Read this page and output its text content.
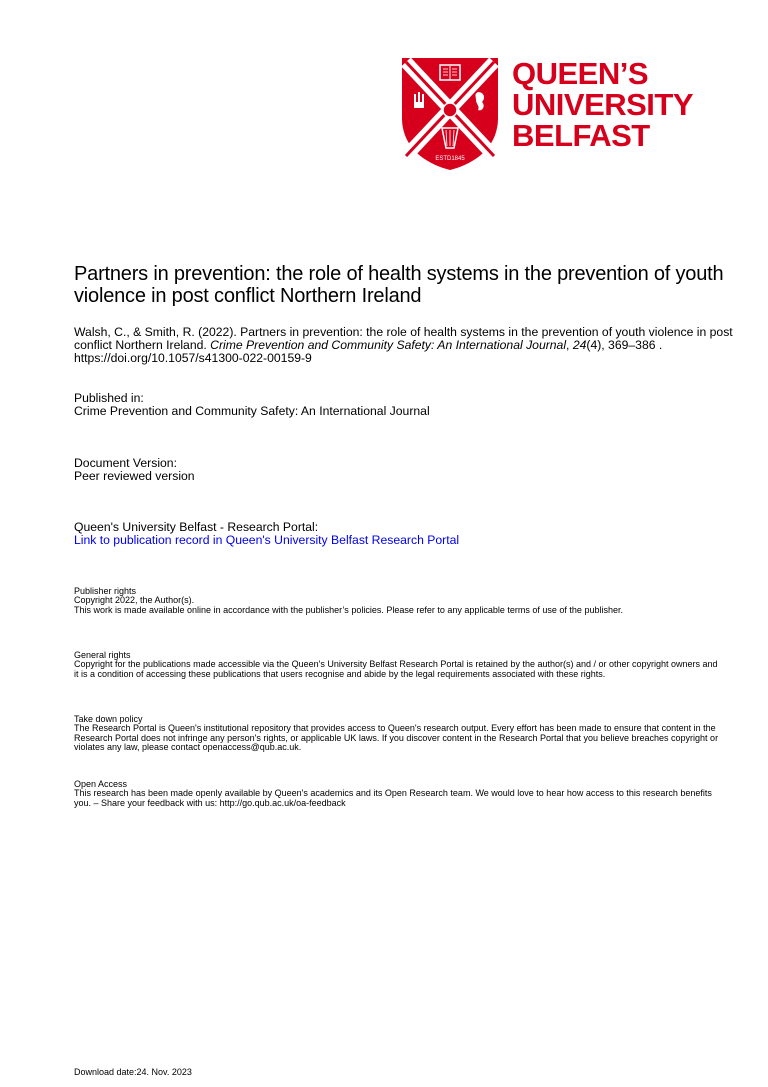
ESTD1845
QUEEN’S
UNIVERSITY
BELFAST
Partners in prevention: the role of health systems in the prevention of youth violence in post conflict Northern Ireland
Walsh, C., & Smith, R. (2022). Partners in prevention: the role of health systems in the prevention of youth violence in post conflict Northern Ireland. Crime Prevention and Community Safety: An International Journal, 24(4), 369–386 . https://doi.org/10.1057/s41300-022-00159-9
Published in:
Crime Prevention and Community Safety: An International Journal
Document Version:
Peer reviewed version
Queen's University Belfast - Research Portal:
Link to publication record in Queen's University Belfast Research Portal
Publisher rights
Copyright 2022, the Author(s).
This work is made available online in accordance with the publisher’s policies. Please refer to any applicable terms of use of the publisher.
General rights
Copyright for the publications made accessible via the Queen's University Belfast Research Portal is retained by the author(s) and / or other copyright owners and it is a condition of accessing these publications that users recognise and abide by the legal requirements associated with these rights.
Take down policy
The Research Portal is Queen's institutional repository that provides access to Queen's research output. Every effort has been made to ensure that content in the Research Portal does not infringe any person's rights, or applicable UK laws. If you discover content in the Research Portal that you believe breaches copyright or violates any law, please contact openaccess@qub.ac.uk.
Open Access
This research has been made openly available by Queen's academics and its Open Research team. We would love to hear how access to this research benefits you. – Share your feedback with us: http://go.qub.ac.uk/oa-feedback
Download date:24. Nov. 2023
